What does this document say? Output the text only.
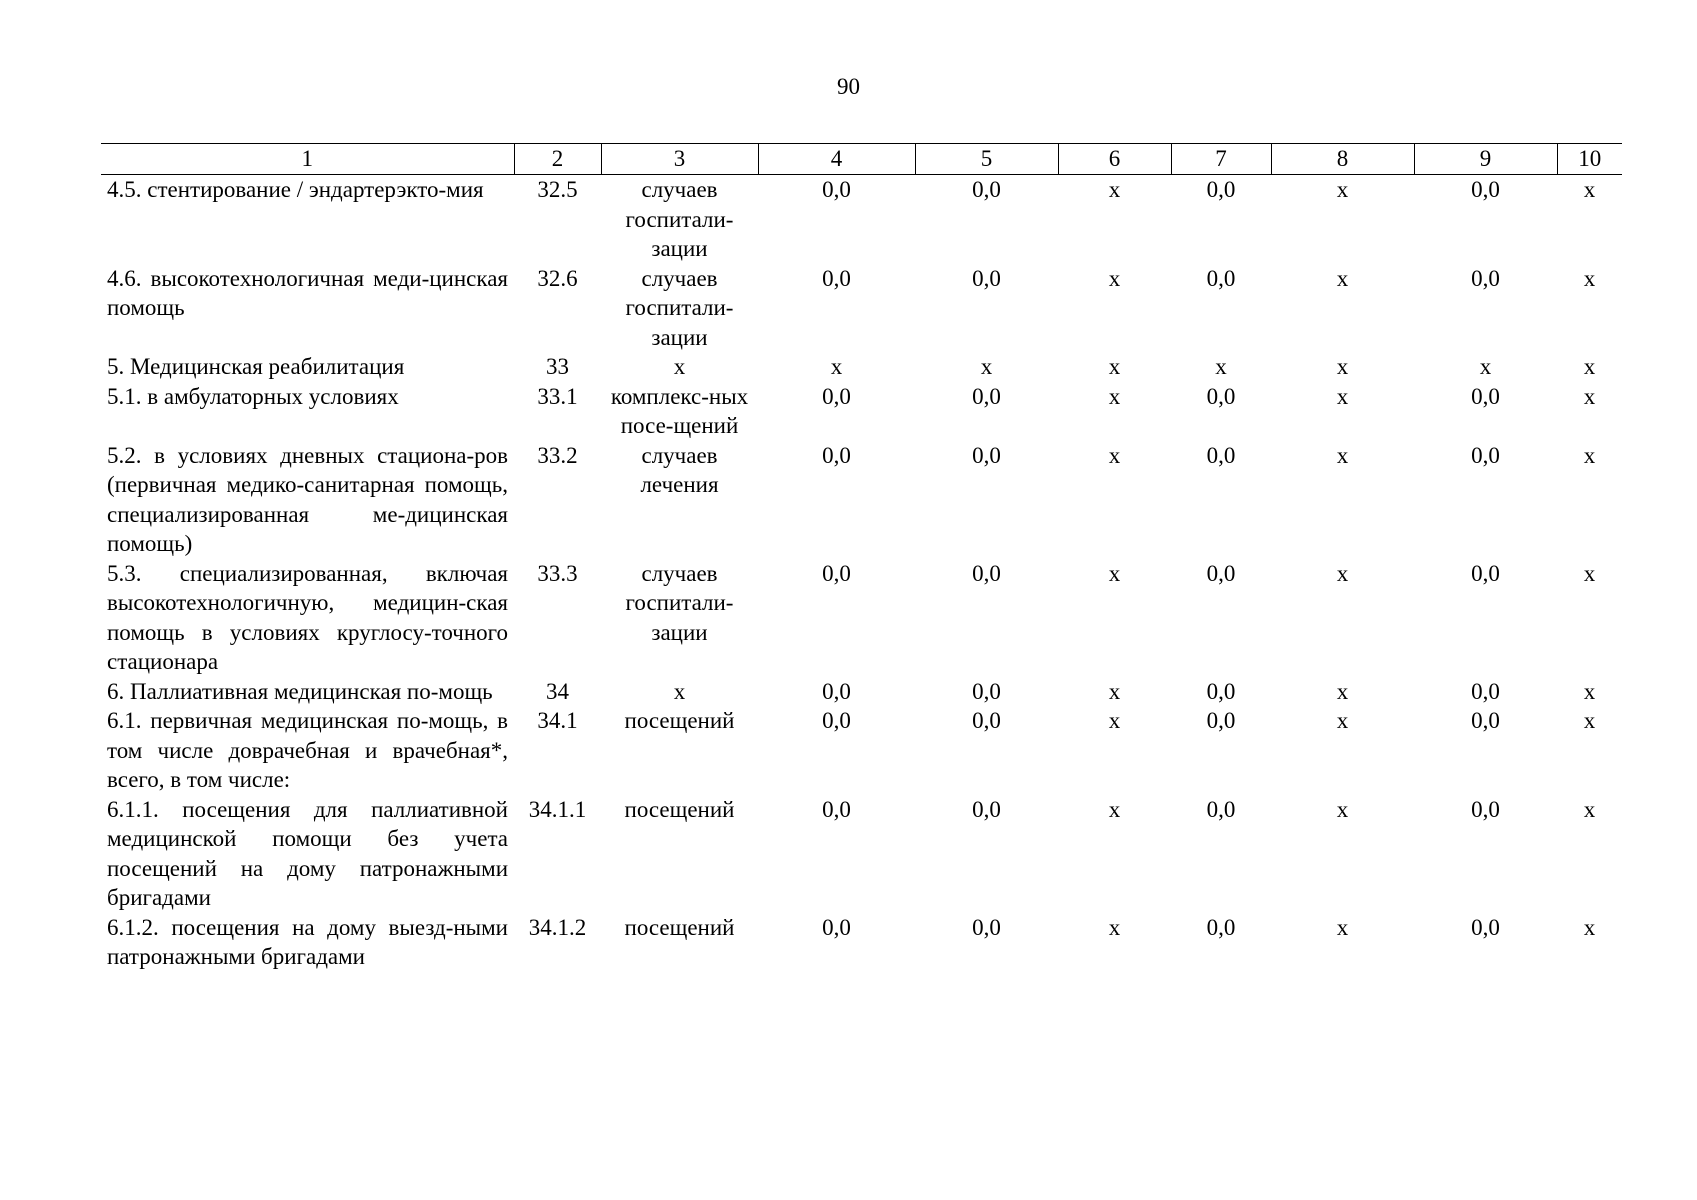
90
1	2	3	4	5	6	7	8	9	10
4.5. стентирование / эндартерэкто-мия	32.5	случаев госпитали-зации	0,0	0,0	х	0,0	х	0,0	х
4.6. высокотехнологичная меди-цинская помощь	32.6	случаев госпитали-зации	0,0	0,0	х	0,0	х	0,0	х
5. Медицинская реабилитация	33	х	х	х	х	х	х	х	х
5.1. в амбулаторных условиях	33.1	комплекс-ных посе-щений	0,0	0,0	х	0,0	х	0,0	х
5.2. в условиях дневных стациона-ров (первичная медико-санитарная помощь, специализированная ме-дицинская помощь)	33.2	случаев лечения	0,0	0,0	х	0,0	х	0,0	х
5.3. специализированная, включая высокотехнологичную, медицин-ская помощь в условиях круглосу-точного стационара	33.3	случаев госпитали-зации	0,0	0,0	х	0,0	х	0,0	х
6. Паллиативная медицинская по-мощь	34	х	0,0	0,0	х	0,0	х	0,0	х
6.1. первичная медицинская по-мощь, в том числе доврачебная и врачебная*, всего, в том числе:	34.1	посещений	0,0	0,0	х	0,0	х	0,0	х
6.1.1. посещения для паллиативной медицинской помощи без учета посещений на дому патронажными бригадами	34.1.1	посещений	0,0	0,0	х	0,0	х	0,0	х
6.1.2. посещения на дому выезд-ными патронажными бригадами	34.1.2	посещений	0,0	0,0	х	0,0	х	0,0	х
